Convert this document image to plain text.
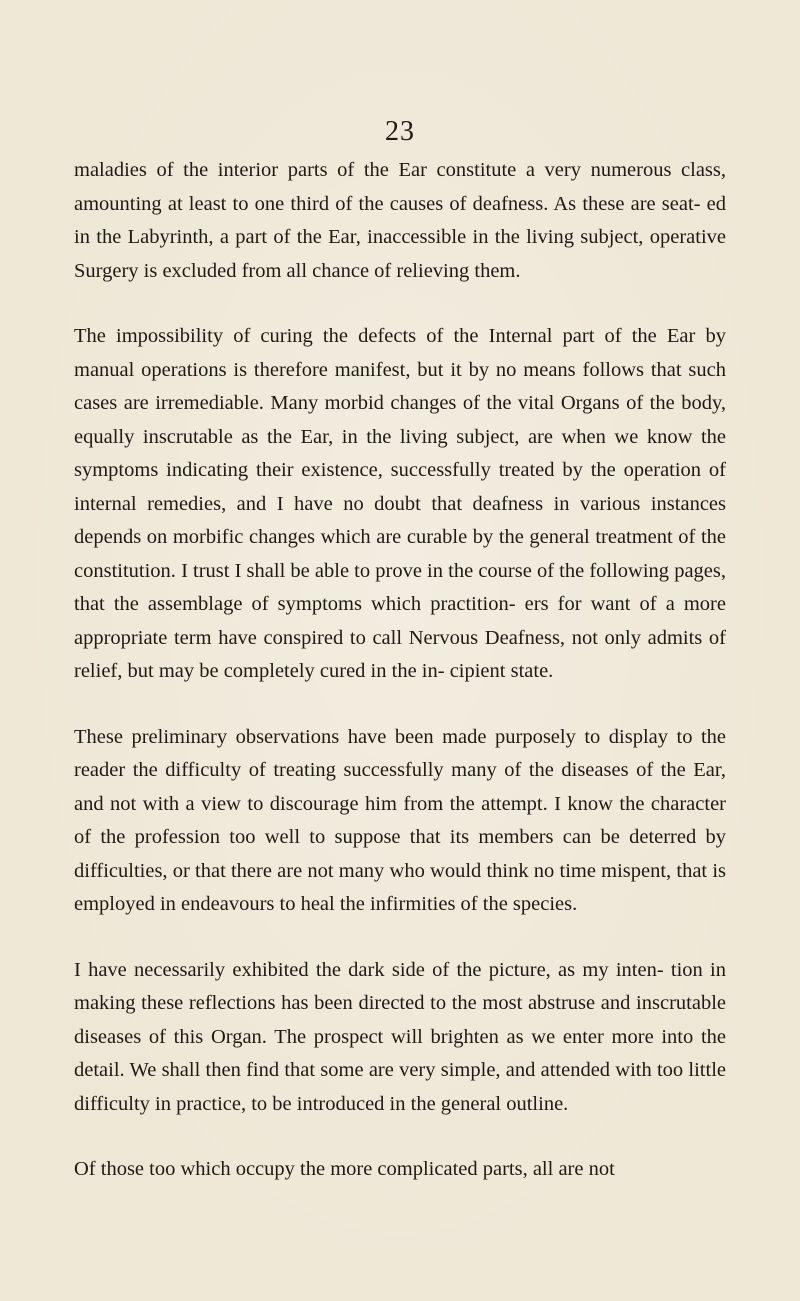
23

maladies of the interior parts of the Ear constitute a very numerous class, amounting at least to one third of the causes of deafness. As these are seat- ed in the Labyrinth, a part of the Ear, inaccessible in the living subject, operative Surgery is excluded from all chance of relieving them.

The impossibility of curing the defects of the Internal part of the Ear by manual operations is therefore manifest, but it by no means follows that such cases are irremediable. Many morbid changes of the vital Organs of the body, equally inscrutable as the Ear, in the living subject, are when we know the symptoms indicating their existence, successfully treated by the operation of internal remedies, and I have no doubt that deafness in various instances depends on morbific changes which are curable by the general treatment of the constitution. I trust I shall be able to prove in the course of the following pages, that the assemblage of symptoms which practition- ers for want of a more appropriate term have conspired to call Nervous Deafness, not only admits of relief, but may be completely cured in the in- cipient state.

These preliminary observations have been made purposely to display to the reader the difficulty of treating successfully many of the diseases of the Ear, and not with a view to discourage him from the attempt. I know the character of the profession too well to suppose that its members can be deterred by difficulties, or that there are not many who would think no time mispent, that is employed in endeavours to heal the infirmities of the species.

I have necessarily exhibited the dark side of the picture, as my inten- tion in making these reflections has been directed to the most abstruse and inscrutable diseases of this Organ. The prospect will brighten as we enter more into the detail. We shall then find that some are very simple, and attended with too little difficulty in practice, to be introduced in the general outline.

Of those too which occupy the more complicated parts, all are not
